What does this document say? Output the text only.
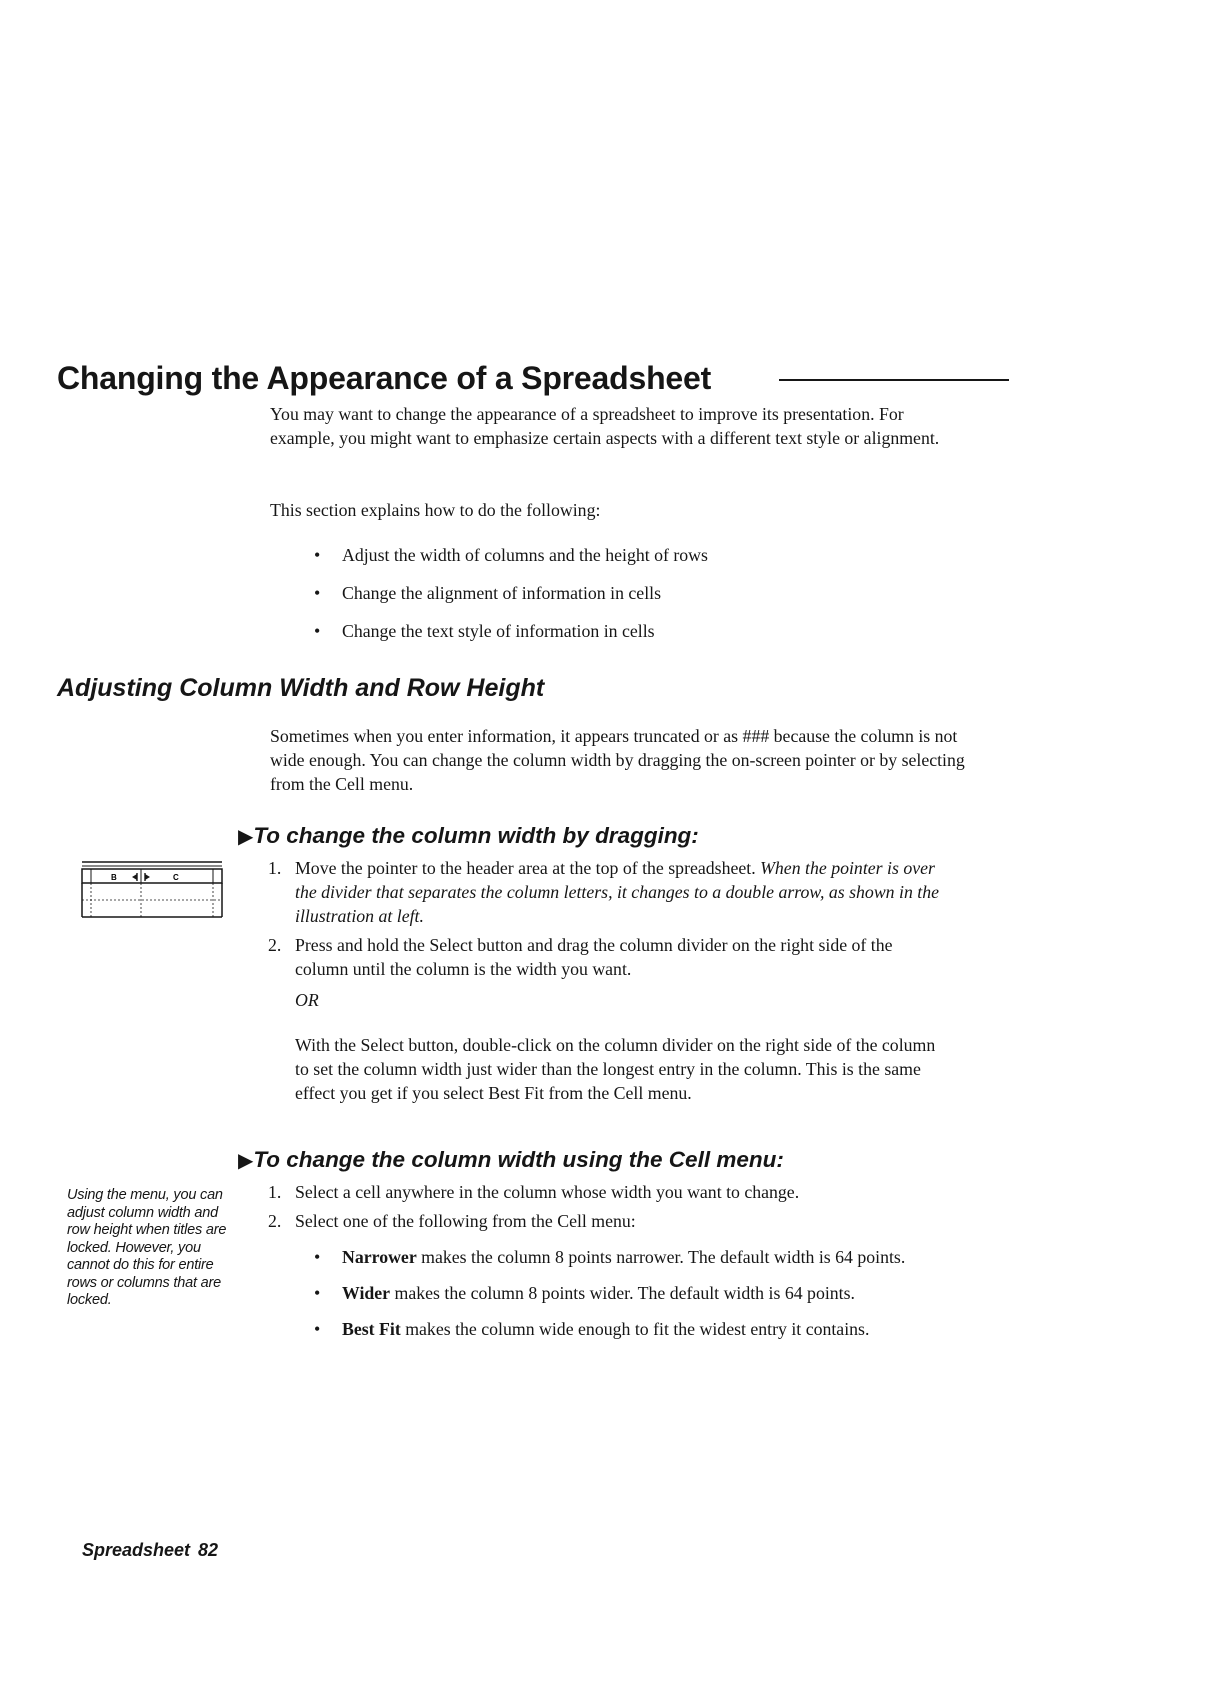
Changing the Appearance of a Spreadsheet

You may want to change the appearance of a spreadsheet to improve its presentation. For example, you might want to emphasize certain aspects with a different text style or alignment.

This section explains how to do the following:

• Adjust the width of columns and the height of rows
• Change the alignment of information in cells
• Change the text style of information in cells
Adjusting Column Width and Row Height

Sometimes when you enter information, it appears truncated or as ### because the column is not wide enough. You can change the column width by dragging the on-screen pointer or by selecting from the Cell menu.

▶To change the column width by dragging:
B	C	1. Move the pointer to the header area at the top of the spreadsheet. When the pointer is over the divider that separates the column letters, it changes to a double arrow, as shown in the illustration at left.
2. Press and hold the Select button and drag the column divider on the right side of the column until the column is the width you want.
OR

With the Select button, double-click on the column divider on the right side of the column to set the column width just wider than the longest entry in the column. This is the same effect you get if you select Best Fit from the Cell menu.

▶To change the column width using the Cell menu:
Using the menu, you can adjust column width and row height when titles are locked. However, you cannot do this for entire rows or columns that are locked.
1. Select a cell anywhere in the column whose width you want to change.
2. Select one of the following from the Cell menu:
• Narrower makes the column 8 points narrower. The default width is 64 points.
• Wider makes the column 8 points wider. The default width is 64 points.
• Best Fit makes the column wide enough to fit the widest entry it contains.
Spreadsheet 82
